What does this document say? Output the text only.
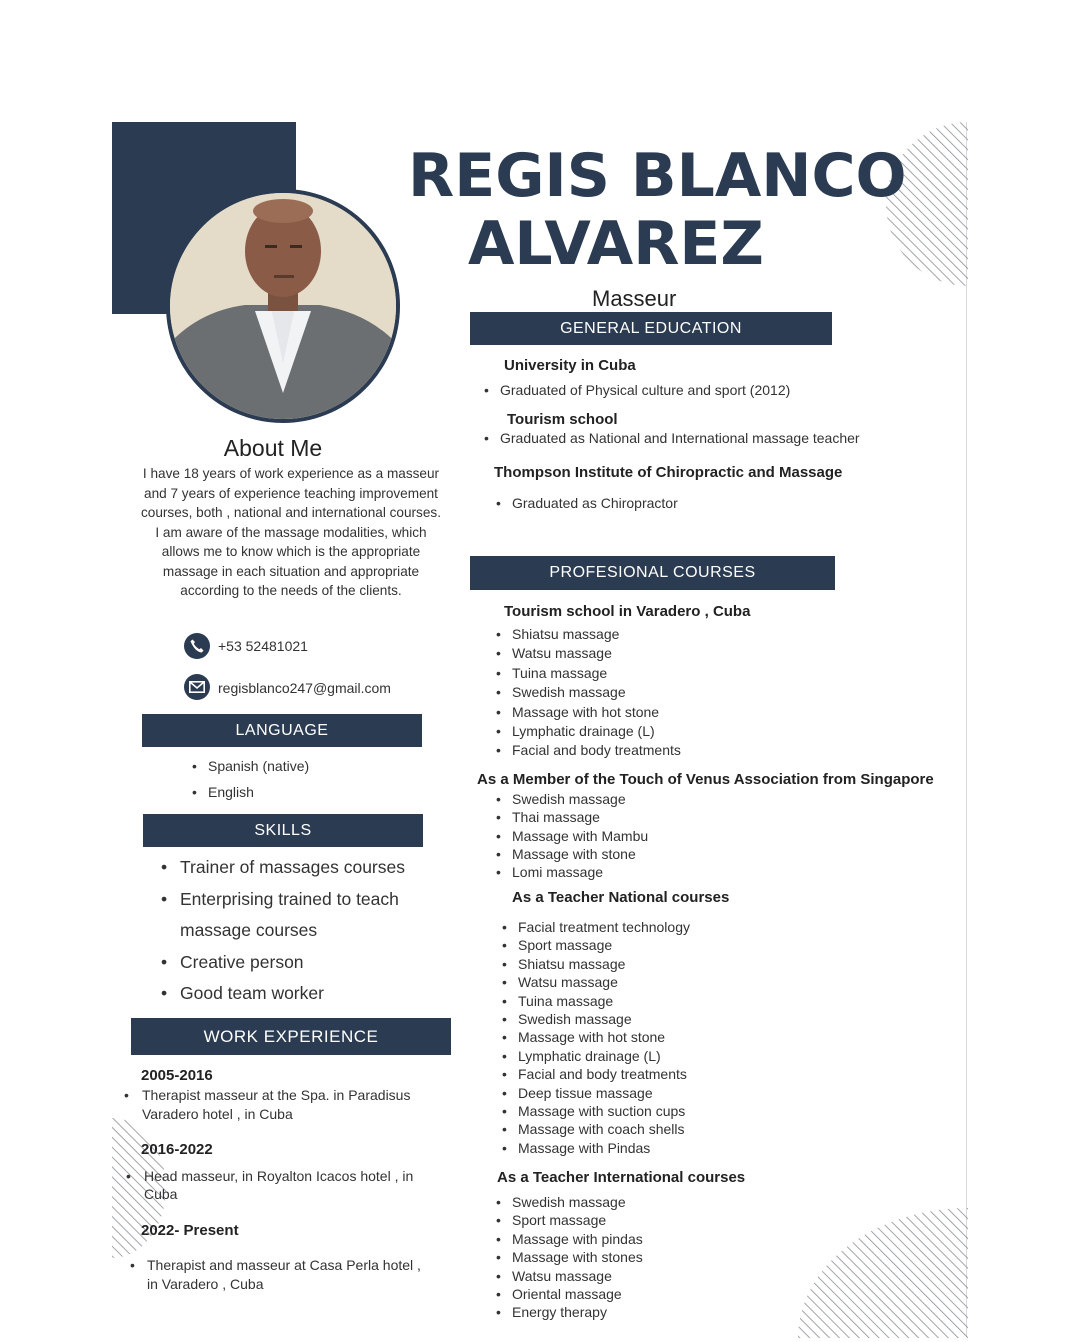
REGIS BLANCO
ALVAREZ
Masseur
About Me
I have 18 years of work experience as a masseur
and 7 years of experience teaching improvement
courses, both , national and international courses.
I am aware of the massage modalities, which
allows me to know which is the appropriate
massage in each situation and appropriate
according to the needs of the clients.
+53 52481021
regisblanco247@gmail.com
LANGUAGE
• Spanish (native)
• English
SKILLS
• Trainer of massages courses
• Enterprising trained to teach
massage courses
• Creative person
• Good team worker
WORK EXPERIENCE
2005-2016
• Therapist masseur at the Spa. in Paradisus
Varadero hotel , in Cuba
2016-2022
• Head masseur, in Royalton Icacos hotel , in
Cuba
2022- Present
• Therapist and masseur at Casa Perla hotel ,
in Varadero , Cuba
GENERAL EDUCATION
University in Cuba
• Graduated of Physical culture and sport (2012)
Tourism school
• Graduated as National and International massage teacher
Thompson Institute of Chiropractic and Massage
• Graduated as Chiropractor
PROFESIONAL COURSES
Tourism school in Varadero , Cuba
• Shiatsu massage
• Watsu massage
• Tuina massage
• Swedish massage
• Massage with hot stone
• Lymphatic drainage (L)
• Facial and body treatments
As a Member of the Touch of Venus Association from Singapore
• Swedish massage
• Thai massage
• Massage with Mambu
• Massage with stone
• Lomi massage
As a Teacher National courses
• Facial treatment technology
• Sport massage
• Shiatsu massage
• Watsu massage
• Tuina massage
• Swedish massage
• Massage with hot stone
• Lymphatic drainage (L)
• Facial and body treatments
• Deep tissue massage
• Massage with suction cups
• Massage with coach shells
• Massage with Pindas
As a Teacher International courses
• Swedish massage
• Sport massage
• Massage with pindas
• Massage with stones
• Watsu massage
• Oriental massage
• Energy therapy
